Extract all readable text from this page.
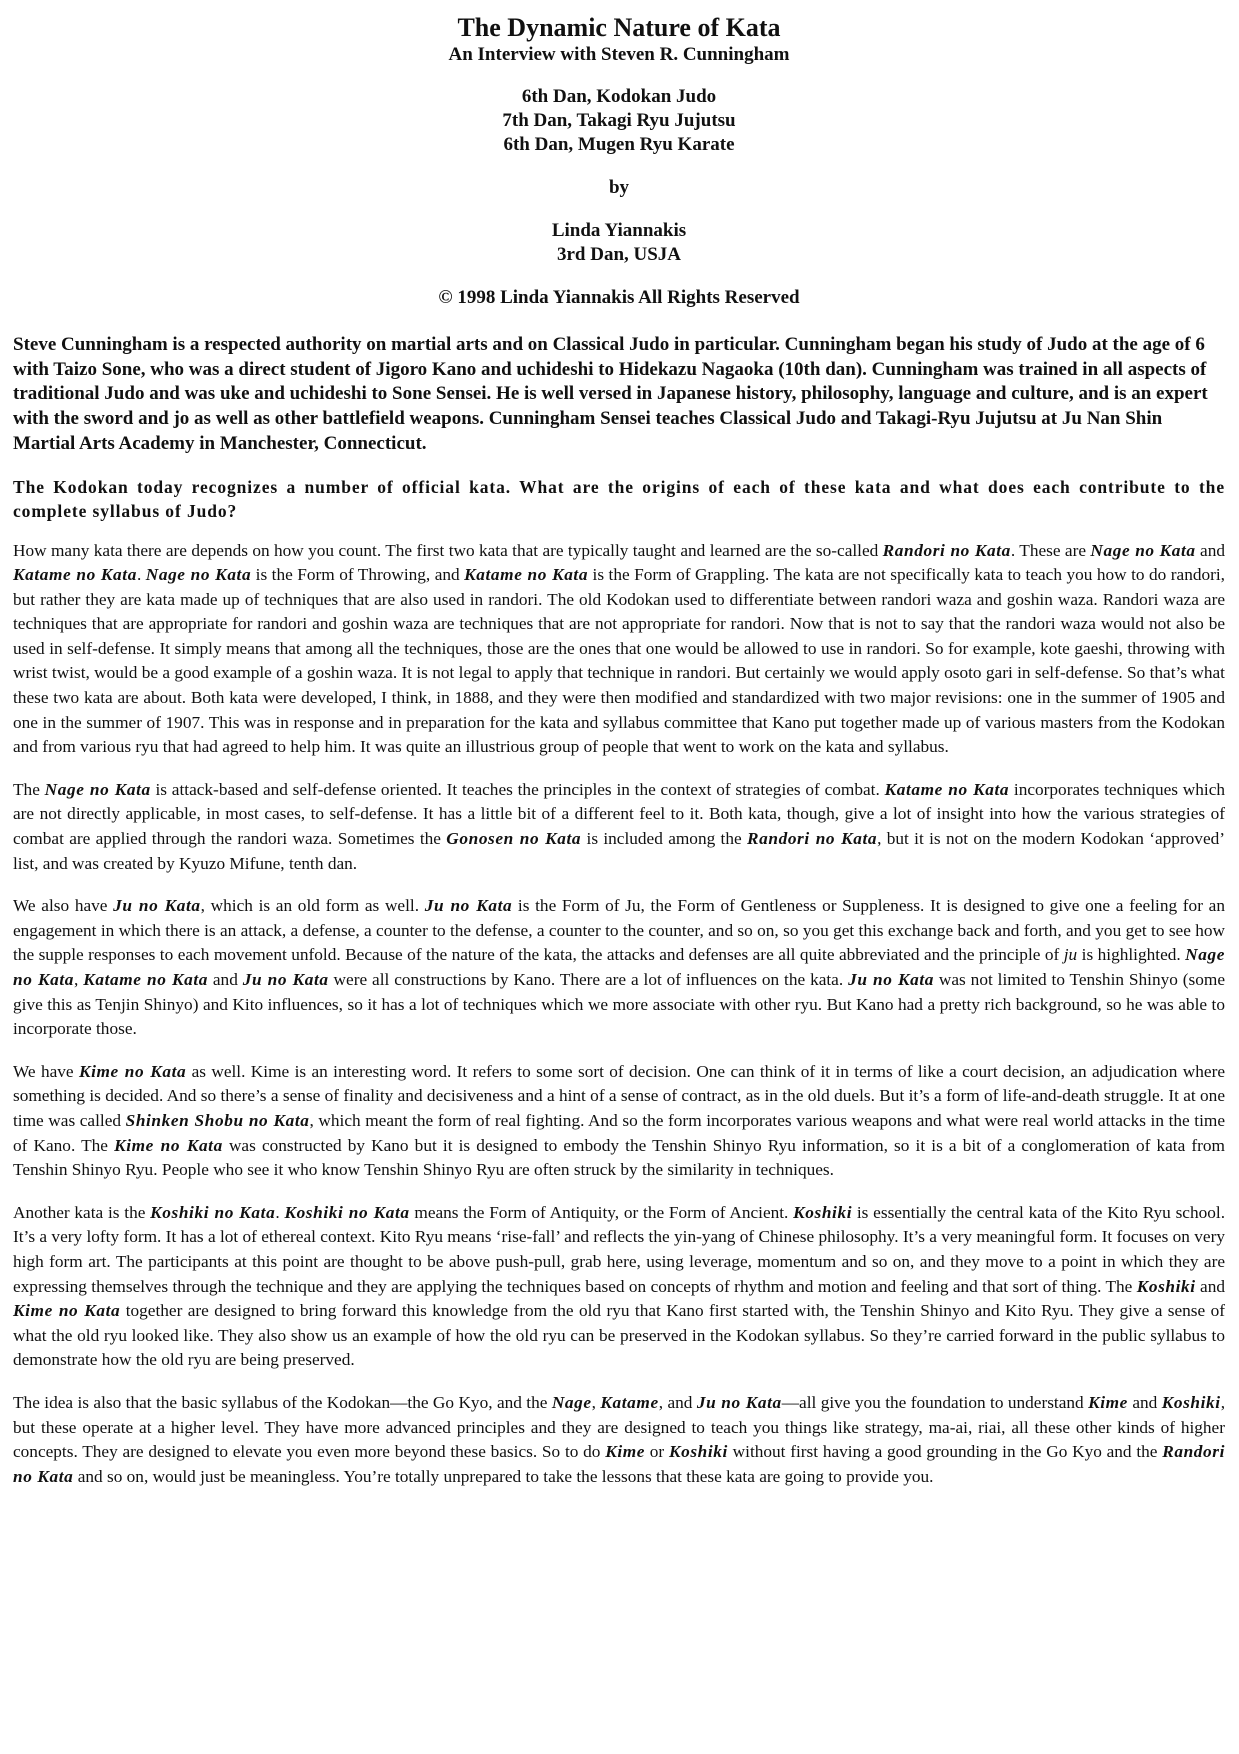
The Dynamic Nature of Kata
An Interview with Steven R. Cunningham
6th Dan, Kodokan Judo
7th Dan, Takagi Ryu Jujutsu
6th Dan, Mugen Ryu Karate
by
Linda Yiannakis
3rd Dan, USJA
© 1998 Linda Yiannakis All Rights Reserved

Steve Cunningham is a respected authority on martial arts and on Classical Judo in particular. Cunningham began his study of Judo at the age of 6 with Taizo Sone, who was a direct student of Jigoro Kano and uchideshi to Hidekazu Nagaoka (10th dan). Cunningham was trained in all aspects of traditional Judo and was uke and uchideshi to Sone Sensei. He is well versed in Japanese history, philosophy, language and culture, and is an expert with the sword and jo as well as other battlefield weapons. Cunningham Sensei teaches Classical Judo and Takagi-Ryu Jujutsu at Ju Nan Shin Martial Arts Academy in Manchester, Connecticut.

The Kodokan today recognizes a number of official kata. What are the origins of each of these kata and what does each contribute to the complete syllabus of Judo?

How many kata there are depends on how you count. The first two kata that are typically taught and learned are the so-called Randori no Kata. These are Nage no Kata and Katame no Kata. Nage no Kata is the Form of Throwing, and Katame no Kata is the Form of Grappling. The kata are not specifically kata to teach you how to do randori, but rather they are kata made up of techniques that are also used in randori. The old Kodokan used to differentiate between randori waza and goshin waza. Randori waza are techniques that are appropriate for randori and goshin waza are techniques that are not appropriate for randori. Now that is not to say that the randori waza would not also be used in self-defense. It simply means that among all the techniques, those are the ones that one would be allowed to use in randori. So for example, kote gaeshi, throwing with wrist twist, would be a good example of a goshin waza. It is not legal to apply that technique in randori. But certainly we would apply osoto gari in self-defense. So that’s what these two kata are about. Both kata were developed, I think, in 1888, and they were then modified and standardized with two major revisions: one in the summer of 1905 and one in the summer of 1907. This was in response and in preparation for the kata and syllabus committee that Kano put together made up of various masters from the Kodokan and from various ryu that had agreed to help him. It was quite an illustrious group of people that went to work on the kata and syllabus.

The Nage no Kata is attack-based and self-defense oriented. It teaches the principles in the context of strategies of combat. Katame no Kata incorporates techniques which are not directly applicable, in most cases, to self-defense. It has a little bit of a different feel to it. Both kata, though, give a lot of insight into how the various strategies of combat are applied through the randori waza. Sometimes the Gonosen no Kata is included among the Randori no Kata, but it is not on the modern Kodokan ‘approved’ list, and was created by Kyuzo Mifune, tenth dan.

We also have Ju no Kata, which is an old form as well. Ju no Kata is the Form of Ju, the Form of Gentleness or Suppleness. It is designed to give one a feeling for an engagement in which there is an attack, a defense, a counter to the defense, a counter to the counter, and so on, so you get this exchange back and forth, and you get to see how the supple responses to each movement unfold. Because of the nature of the kata, the attacks and defenses are all quite abbreviated and the principle of ju is highlighted. Nage no Kata, Katame no Kata and Ju no Kata were all constructions by Kano. There are a lot of influences on the kata. Ju no Kata was not limited to Tenshin Shinyo (some give this as Tenjin Shinyo) and Kito influences, so it has a lot of techniques which we more associate with other ryu. But Kano had a pretty rich background, so he was able to incorporate those.

We have Kime no Kata as well. Kime is an interesting word. It refers to some sort of decision. One can think of it in terms of like a court decision, an adjudication where something is decided. And so there’s a sense of finality and decisiveness and a hint of a sense of contract, as in the old duels. But it’s a form of life-and-death struggle. It at one time was called Shinken Shobu no Kata, which meant the form of real fighting. And so the form incorporates various weapons and what were real world attacks in the time of Kano. The Kime no Kata was constructed by Kano but it is designed to embody the Tenshin Shinyo Ryu information, so it is a bit of a conglomeration of kata from Tenshin Shinyo Ryu. People who see it who know Tenshin Shinyo Ryu are often struck by the similarity in techniques.

Another kata is the Koshiki no Kata. Koshiki no Kata means the Form of Antiquity, or the Form of Ancient. Koshiki is essentially the central kata of the Kito Ryu school. It’s a very lofty form. It has a lot of ethereal context. Kito Ryu means ‘rise-fall’ and reflects the yin-yang of Chinese philosophy. It’s a very meaningful form. It focuses on very high form art. The participants at this point are thought to be above push-pull, grab here, using leverage, momentum and so on, and they move to a point in which they are expressing themselves through the technique and they are applying the techniques based on concepts of rhythm and motion and feeling and that sort of thing. The Koshiki and Kime no Kata together are designed to bring forward this knowledge from the old ryu that Kano first started with, the Tenshin Shinyo and Kito Ryu. They give a sense of what the old ryu looked like. They also show us an example of how the old ryu can be preserved in the Kodokan syllabus. So they’re carried forward in the public syllabus to demonstrate how the old ryu are being preserved.

The idea is also that the basic syllabus of the Kodokan—the Go Kyo, and the Nage, Katame, and Ju no Kata—all give you the foundation to understand Kime and Koshiki, but these operate at a higher level. They have more advanced principles and they are designed to teach you things like strategy, ma-ai, riai, all these other kinds of higher concepts. They are designed to elevate you even more beyond these basics. So to do Kime or Koshiki without first having a good grounding in the Go Kyo and the Randori no Kata and so on, would just be meaningless. You’re totally unprepared to take the lessons that these kata are going to provide you.
